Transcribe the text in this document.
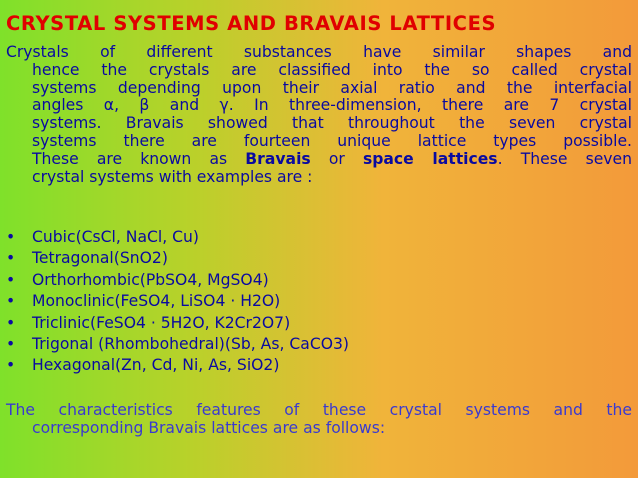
CRYSTAL SYSTEMS AND BRAVAIS LATTICES
Crystals of different substances have similar shapes and
hence the crystals are classified into the so called crystal
systems depending upon their axial ratio and the interfacial
angles α, β and γ. In three-dimension, there are 7 crystal
systems. Bravais showed that throughout the seven crystal
systems there are fourteen unique lattice types possible.
These are known as Bravais or space lattices. These seven
crystal systems with examples are :
• Cubic(CsCl, NaCl, Cu)
• Tetragonal(SnO2)
• Orthorhombic(PbSO4, MgSO4)
• Monoclinic(FeSO4, LiSO4 · H2O)
• Triclinic(FeSO4 · 5H2O, K2Cr2O7)
• Trigonal (Rhombohedral)(Sb, As, CaCO3)
• Hexagonal(Zn, Cd, Ni, As, SiO2)
The characteristics features of these crystal systems and the
corresponding Bravais lattices are as follows:
